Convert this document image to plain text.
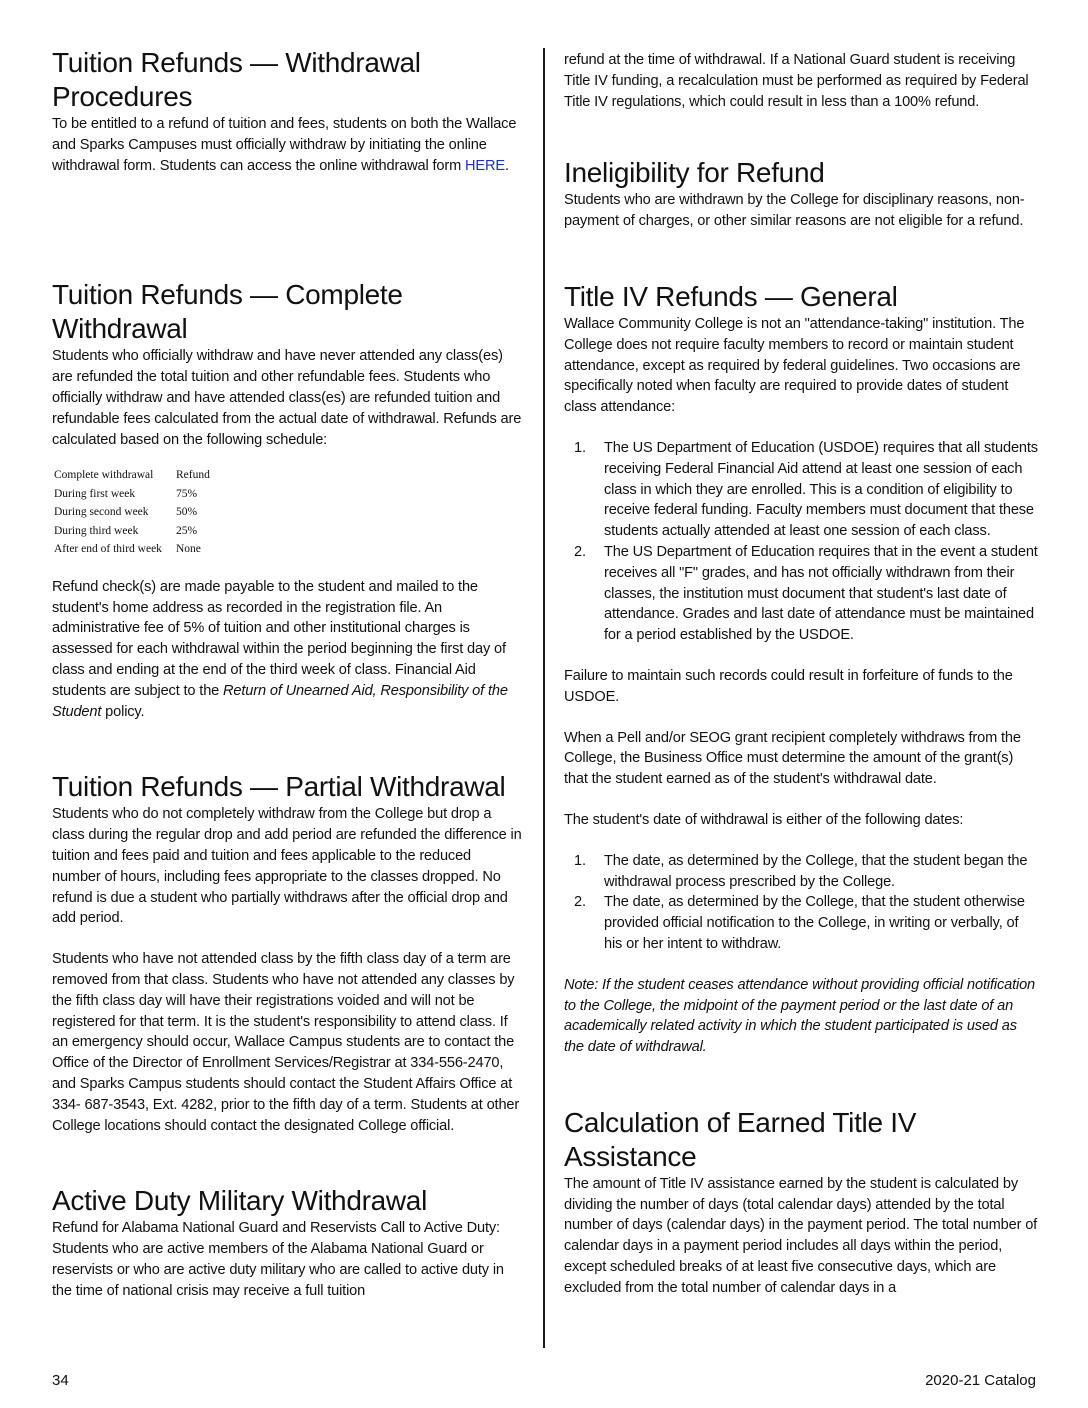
Tuition Refunds — Withdrawal Procedures

To be entitled to a refund of tuition and fees, students on both the Wallace and Sparks Campuses must officially withdraw by initiating the online withdrawal form. Students can access the online withdrawal form HERE.

Tuition Refunds — Complete Withdrawal

Students who officially withdraw and have never attended any class(es) are refunded the total tuition and other refundable fees. Students who officially withdraw and have attended class(es) are refunded tuition and refundable fees calculated from the actual date of withdrawal. Refunds are calculated based on the following schedule:

Complete withdrawal	Refund
During first week	75%
During second week	50%
During third week	25%
After end of third week	None

Refund check(s) are made payable to the student and mailed to the student's home address as recorded in the registration file. An administrative fee of 5% of tuition and other institutional charges is assessed for each withdrawal within the period beginning the first day of class and ending at the end of the third week of class. Financial Aid students are subject to the Return of Unearned Aid, Responsibility of the Student policy.

Tuition Refunds — Partial Withdrawal

Students who do not completely withdraw from the College but drop a class during the regular drop and add period are refunded the difference in tuition and fees paid and tuition and fees applicable to the reduced number of hours, including fees appropriate to the classes dropped. No refund is due a student who partially withdraws after the official drop and add period.

Students who have not attended class by the fifth class day of a term are removed from that class. Students who have not attended any classes by the fifth class day will have their registrations voided and will not be registered for that term. It is the student's responsibility to attend class. If an emergency should occur, Wallace Campus students are to contact the Office of the Director of Enrollment Services/Registrar at 334-556-2470, and Sparks Campus students should contact the Student Affairs Office at 334- 687-3543, Ext. 4282, prior to the fifth day of a term. Students at other College locations should contact the designated College official.

Active Duty Military Withdrawal

Refund for Alabama National Guard and Reservists Call to Active Duty: Students who are active members of the Alabama National Guard or reservists or who are active duty military who are called to active duty in the time of national crisis may receive a full tuition

refund at the time of withdrawal. If a National Guard student is receiving Title IV funding, a recalculation must be performed as required by Federal Title IV regulations, which could result in less than a 100% refund.

Ineligibility for Refund

Students who are withdrawn by the College for disciplinary reasons, non-payment of charges, or other similar reasons are not eligible for a refund.

Title IV Refunds — General

Wallace Community College is not an "attendance-taking" institution. The College does not require faculty members to record or maintain student attendance, except as required by federal guidelines. Two occasions are specifically noted when faculty are required to provide dates of student class attendance:

1. The US Department of Education (USDOE) requires that all students receiving Federal Financial Aid attend at least one session of each class in which they are enrolled. This is a condition of eligibility to receive federal funding. Faculty members must document that these students actually attended at least one session of each class.
2. The US Department of Education requires that in the event a student receives all "F" grades, and has not officially withdrawn from their classes, the institution must document that student's last date of attendance. Grades and last date of attendance must be maintained for a period established by the USDOE.

Failure to maintain such records could result in forfeiture of funds to the USDOE.

When a Pell and/or SEOG grant recipient completely withdraws from the College, the Business Office must determine the amount of the grant(s) that the student earned as of the student's withdrawal date.

The student's date of withdrawal is either of the following dates:

1. The date, as determined by the College, that the student began the withdrawal process prescribed by the College.
2. The date, as determined by the College, that the student otherwise provided official notification to the College, in writing or verbally, of his or her intent to withdraw.

Note: If the student ceases attendance without providing official notification to the College, the midpoint of the payment period or the last date of an academically related activity in which the student participated is used as the date of withdrawal.

Calculation of Earned Title IV Assistance

The amount of Title IV assistance earned by the student is calculated by dividing the number of days (total calendar days) attended by the total number of days (calendar days) in the payment period. The total number of calendar days in a payment period includes all days within the period, except scheduled breaks of at least five consecutive days, which are excluded from the total number of calendar days in a

34	2020-21 Catalog
